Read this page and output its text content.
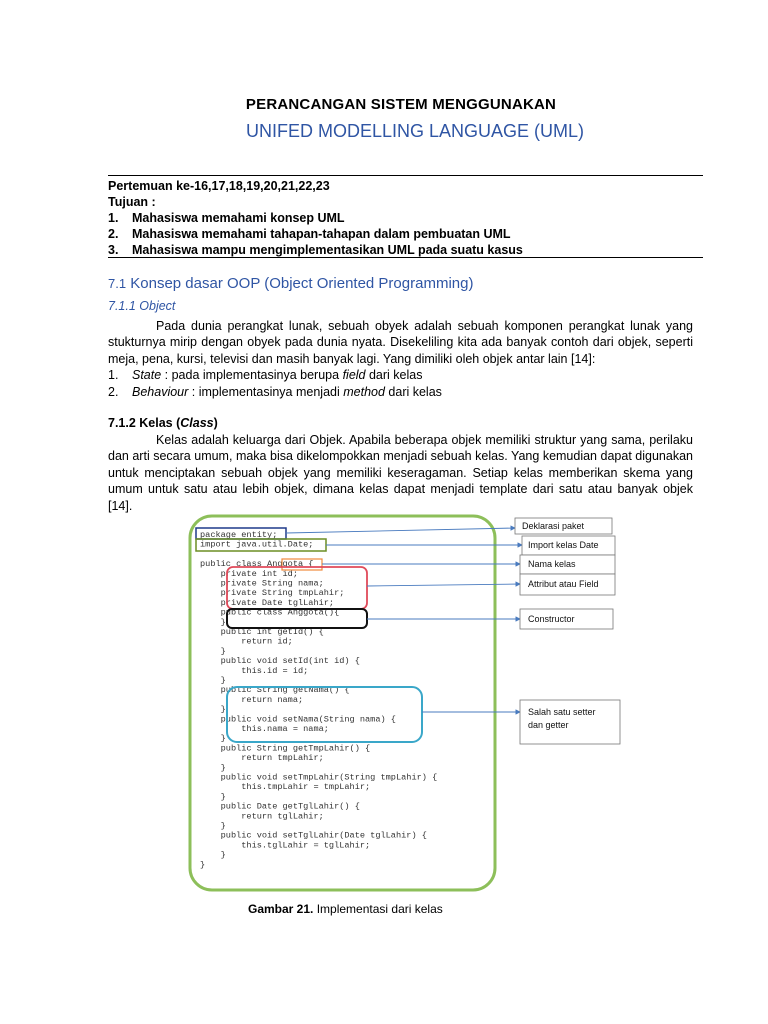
PERANCANGAN SISTEM MENGGUNAKAN
UNIFED MODELLING LANGUAGE (UML)
Pertemuan ke-16,17,18,19,20,21,22,23
Tujuan :
1. Mahasiswa memahami konsep UML
2. Mahasiswa memahami tahapan-tahapan dalam pembuatan UML
3. Mahasiswa mampu mengimplementasikan UML pada suatu kasus
7.1 Konsep dasar OOP (Object Oriented Programming)
7.1.1 Object

Pada dunia perangkat lunak, sebuah obyek adalah sebuah komponen perangkat lunak yang stukturnya mirip dengan obyek pada dunia nyata. Disekeliling kita ada banyak contoh dari objek, seperti meja, pena, kursi, televisi dan masih banyak lagi. Yang dimiliki oleh objek antar lain [14]:

1. State : pada implementasinya berupa field dari kelas
2. Behaviour : implementasinya menjadi method dari kelas
7.1.2 Kelas (Class)

Kelas adalah keluarga dari Objek. Apabila beberapa objek memiliki struktur yang sama, perilaku dan arti secara umum, maka bisa dikelompokkan menjadi sebuah kelas. Yang kemudian dapat digunakan untuk menciptakan sebuah objek yang memiliki keseragaman. Setiap kelas memberikan skema yang umum untuk satu atau lebih objek, dimana kelas dapat menjadi template dari satu atau banyak objek [14].

package entity;
import java.util.Date;
public class Anggota {
private int id;
private String nama;
private String tmpLahir;
private Date tglLahir;
public class Anggota(){
}
public int getId() {
return id;
}
public void setId(int id) {
this.id = id;
}
public String getNama() {
return nama;
}
public void setNama(String nama) {
this.nama = nama;
}
public String getTmpLahir() {
return tmpLahir;
}
public void setTmpLahir(String tmpLahir) {
this.tmpLahir = tmpLahir;
}
public Date getTglLahir() {
return tglLahir;
}
public void setTglLahir(Date tglLahir) {
this.tglLahir = tglLahir;
}
}
Deklarasi paket
Import kelas Date
Nama kelas
Attribut atau Field
Constructor
Salah satu setter
dan getter
Gambar 21. Implementasi dari kelas
